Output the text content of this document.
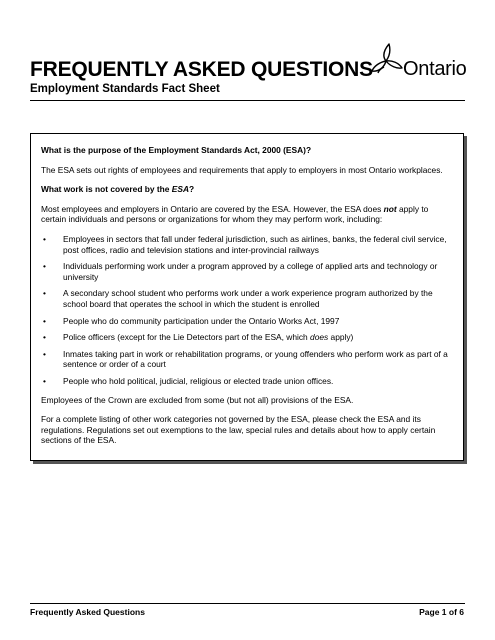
FREQUENTLY ASKED QUESTIONS
Employment Standards Fact Sheet
Ontario

What is the purpose of the Employment Standards Act, 2000 (ESA)?

The ESA sets out rights of employees and requirements that apply to employers in most Ontario workplaces.

What work is not covered by the ESA?

Most employees and employers in Ontario are covered by the ESA. However, the ESA does not apply to certain individuals and persons or organizations for whom they may perform work, including:

• Employees in sectors that fall under federal jurisdiction, such as airlines, banks, the federal civil service, post offices, radio and television stations and inter-provincial railways
• Individuals performing work under a program approved by a college of applied arts and technology or university
• A secondary school student who performs work under a work experience program authorized by the school board that operates the school in which the student is enrolled
• People who do community participation under the Ontario Works Act, 1997
• Police officers (except for the Lie Detectors part of the ESA, which does apply)
• Inmates taking part in work or rehabilitation programs, or young offenders who perform work as part of a sentence or order of a court
• People who hold political, judicial, religious or elected trade union offices.

Employees of the Crown are excluded from some (but not all) provisions of the ESA.

For a complete listing of other work categories not governed by the ESA, please check the ESA and its regulations. Regulations set out exemptions to the law, special rules and details about how to apply certain sections of the ESA.

Frequently Asked Questions	Page 1 of 6
